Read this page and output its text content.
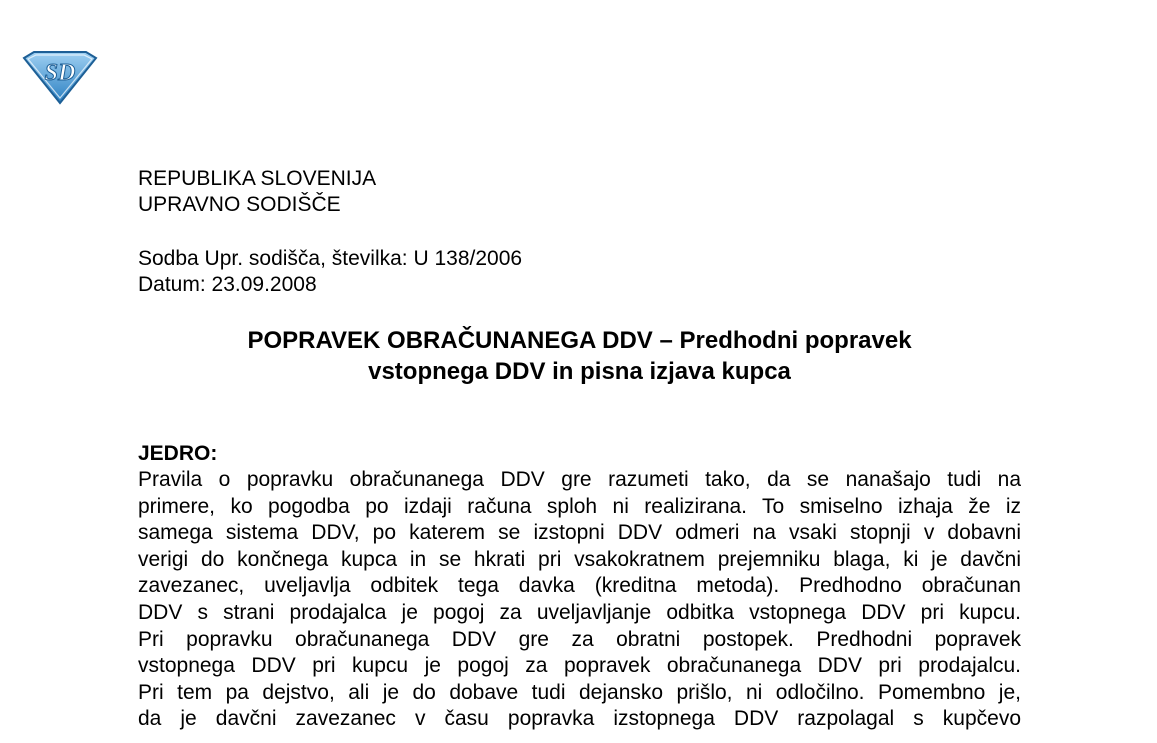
SD
REPUBLIKA SLOVENIJA
UPRAVNO SODIŠČE
Sodba Upr. sodišča, številka: U 138/2006
Datum: 23.09.2008
POPRAVEK OBRAČUNANEGA DDV – Predhodni popravek
vstopnega DDV in pisna izjava kupca
JEDRO:
Pravila o popravku obračunanega DDV gre razumeti tako, da se nanašajo tudi na
primere, ko pogodba po izdaji računa sploh ni realizirana. To smiselno izhaja že iz
samega sistema DDV, po katerem se izstopni DDV odmeri na vsaki stopnji v dobavni
verigi do končnega kupca in se hkrati pri vsakokratnem prejemniku blaga, ki je davčni
zavezanec, uveljavlja odbitek tega davka (kreditna metoda). Predhodno obračunan
DDV s strani prodajalca je pogoj za uveljavljanje odbitka vstopnega DDV pri kupcu.
Pri popravku obračunanega DDV gre za obratni postopek. Predhodni popravek
vstopnega DDV pri kupcu je pogoj za popravek obračunanega DDV pri prodajalcu.
Pri tem pa dejstvo, ali je do dobave tudi dejansko prišlo, ni odločilno. Pomembno je,
da je davčni zavezanec v času popravka izstopnega DDV razpolagal s kupčevo
